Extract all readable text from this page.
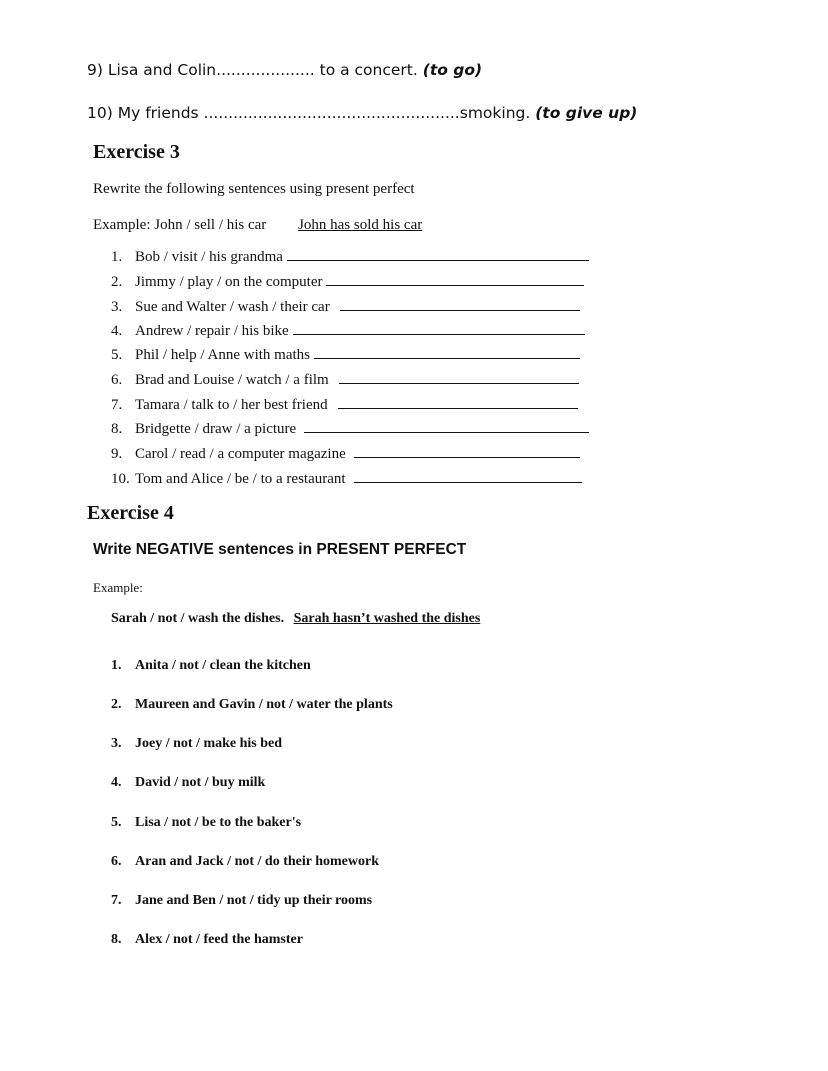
9) Lisa and Colin.................... to a concert. (to go)
10) My friends ....................................................smoking. (to give up)
Exercise 3
Rewrite the following sentences using present perfect
Example: John / sell / his car John has sold his car
1. Bob / visit / his grandma
2. Jimmy / play / on the computer
3. Sue and Walter / wash / their car
4. Andrew / repair / his bike
5. Phil / help / Anne with maths
6. Brad and Louise / watch / a film
7. Tamara / talk to / her best friend
8. Bridgette / draw / a picture
9. Carol / read / a computer magazine
10. Tom and Alice / be / to a restaurant
Exercise 4
Write NEGATIVE sentences in PRESENT PERFECT
Example:
Sarah / not / wash the dishes. Sarah hasn’t washed the dishes
1. Anita / not / clean the kitchen
2. Maureen and Gavin / not / water the plants
3. Joey / not / make his bed
4. David / not / buy milk
5. Lisa / not / be to the baker's
6. Aran and Jack / not / do their homework
7. Jane and Ben / not / tidy up their rooms
8. Alex / not / feed the hamster
